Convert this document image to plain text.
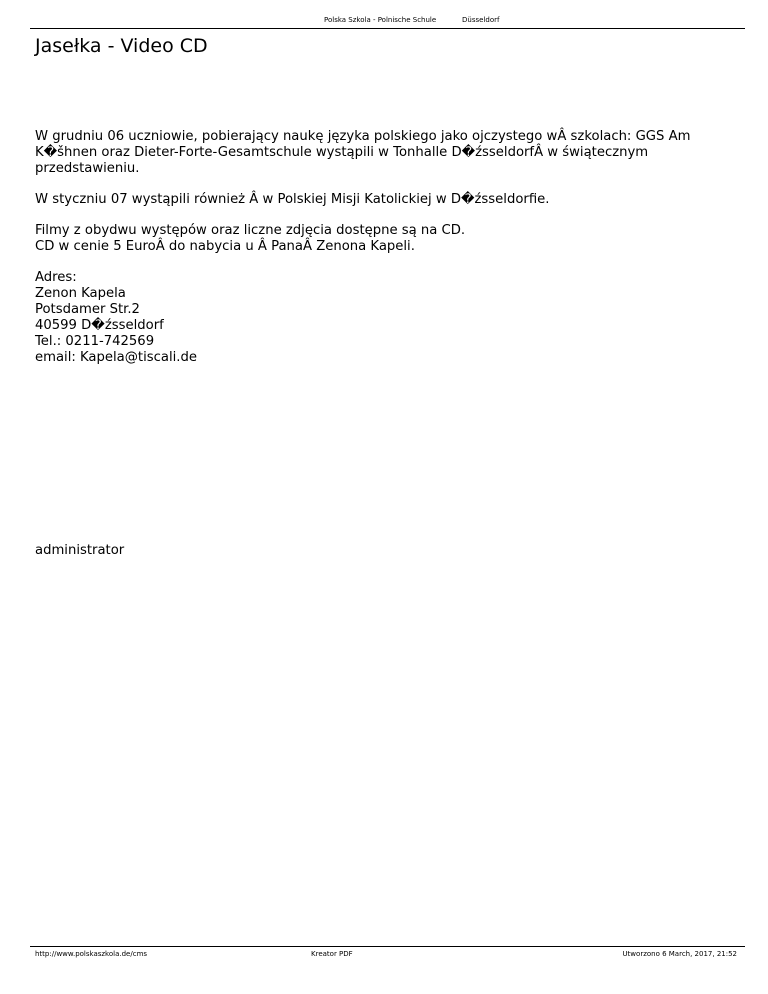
Polska Szkola - Polnische Schule	Düsseldorf
Jasełka - Video CD

W grudniu 06 uczniowie, pobierający naukę języka polskiego jako ojczystego wÂ szkolach: GGS Am K�šhnen oraz Dieter-Forte-Gesamtschule wystąpili w Tonhalle D�źsseldorfÂ w świątecznym przedstawieniu.

W styczniu 07 wystąpili również Â w Polskiej Misji Katolickiej w D�źsseldorfie.

Filmy z obydwu występów oraz liczne zdjęcia dostępne są na CD.
CD w cenie 5 EuroÂ do nabycia u Â PanaÂ Zenona Kapeli.

Adres:
Zenon Kapela
Potsdamer Str.2
40599 D�źsseldorf
Tel.: 0211-742569
email: Kapela@tiscali.de

administrator
http://www.polskaszkola.de/cms	Kreator PDF	Utworzono 6 March, 2017, 21:52
